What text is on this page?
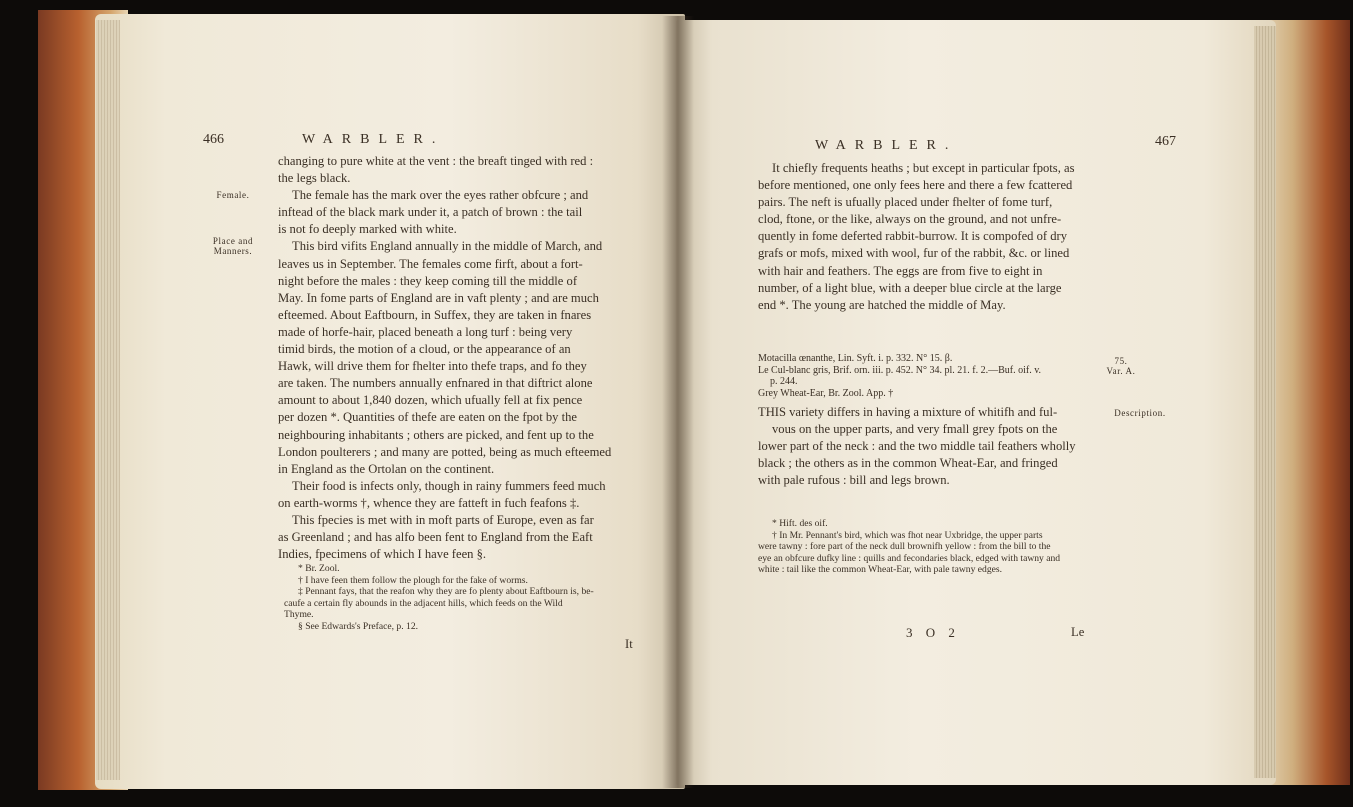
466	WARBLER.
Female.
Place and
Manners.
changing to pure white at the vent : the breaft tinged with red :
the legs black.
The female has the mark over the eyes rather obfcure ; and
inftead of the black mark under it, a patch of brown : the tail
is not fo deeply marked with white.
This bird vifits England annually in the middle of March, and
leaves us in September. The females come firft, about a fort-
night before the males : they keep coming till the middle of
May. In fome parts of England are in vaft plenty ; and are much
efteemed. About Eaftbourn, in Suffex, they are taken in fnares
made of horfe-hair, placed beneath a long turf : being very
timid birds, the motion of a cloud, or the appearance of an
Hawk, will drive them for fhelter into thefe traps, and fo they
are taken. The numbers annually enfnared in that diftrict alone
amount to about 1,840 dozen, which ufually fell at fix pence
per dozen *. Quantities of thefe are eaten on the fpot by the
neighbouring inhabitants ; others are picked, and fent up to the
London poulterers ; and many are potted, being as much efteemed
in England as the Ortolan on the continent.
Their food is infects only, though in rainy fummers feed much
on earth-worms †, whence they are fatteft in fuch feafons ‡.
This fpecies is met with in moft parts of Europe, even as far
as Greenland ; and has alfo been fent to England from the Eaft
Indies, fpecimens of which I have feen §.
* Br. Zool.
† I have feen them follow the plough for the fake of worms.
‡ Pennant fays, that the reafon why they are fo plenty about Eaftbourn is, be-
caufe a certain fly abounds in the adjacent hills, which feeds on the Wild
Thyme.
§ See Edwards's Preface, p. 12.
It
WARBLER.	467
It chiefly frequents heaths ; but except in particular fpots, as
before mentioned, one only fees here and there a few fcattered
pairs. The neft is ufually placed under fhelter of fome turf,
clod, ftone, or the like, always on the ground, and not unfre-
quently in fome deferted rabbit-burrow. It is compofed of dry
grafs or mofs, mixed with wool, fur of the rabbit, &c. or lined
with hair and feathers. The eggs are from five to eight in
number, of a light blue, with a deeper blue circle at the large
end *. The young are hatched the middle of May.
Motacilla œnanthe, Lin. Syft. i. p. 332. N° 15. β.
Le Cul-blanc gris, Brif. orn. iii. p. 452. N° 34. pl. 21. f. 2.—Buf. oif. v.
p. 244.
Grey Wheat-Ear, Br. Zool. App. †
75.
Var. A.
Description.
THIS variety differs in having a mixture of whitifh and ful-
vous on the upper parts, and very fmall grey fpots on the
lower part of the neck : and the two middle tail feathers wholly
black ; the others as in the common Wheat-Ear, and fringed
with pale rufous : bill and legs brown.
* Hift. des oif.
† In Mr. Pennant's bird, which was fhot near Uxbridge, the upper parts
were tawny : fore part of the neck dull brownifh yellow : from the bill to the
eye an obfcure dufky line : quills and fecondaries black, edged with tawny and
white : tail like the common Wheat-Ear, with pale tawny edges.
3 O 2	Le
